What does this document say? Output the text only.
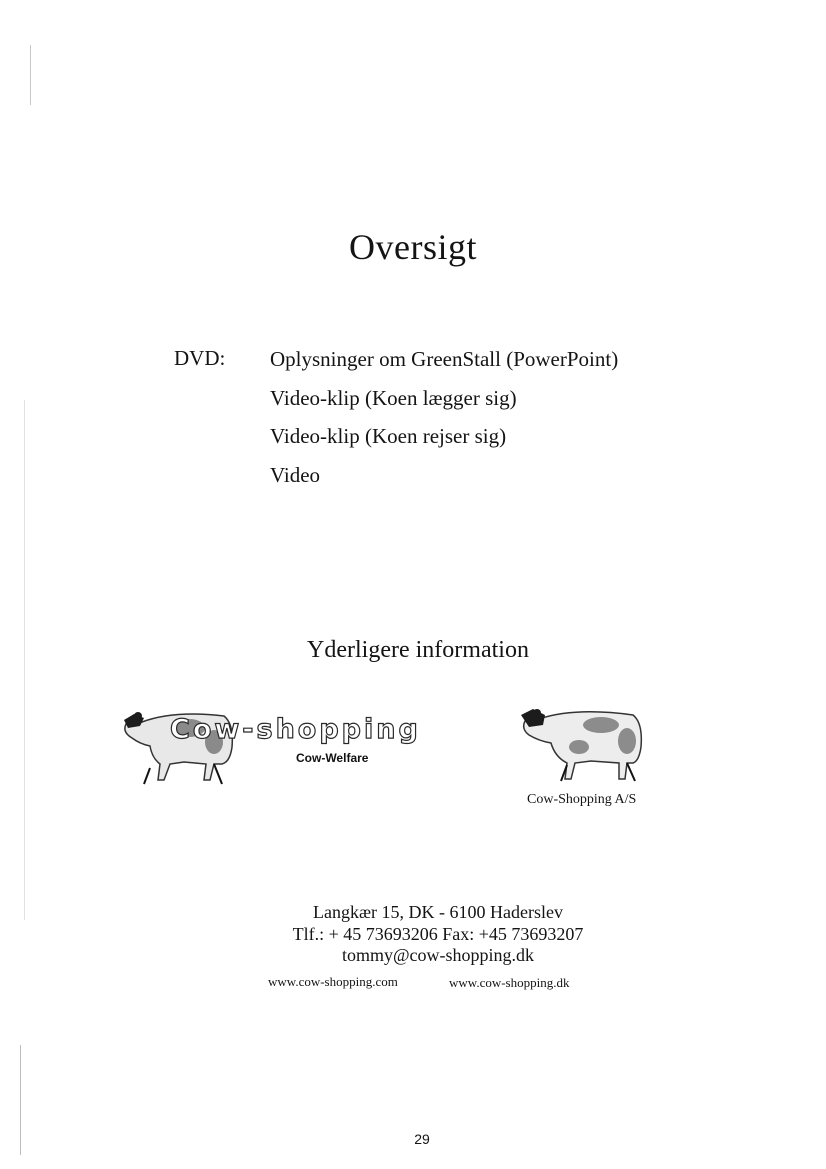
Oversigt
DVD: Oplysninger om GreenStall (PowerPoint)
Video-klip (Koen lægger sig)
Video-klip (Koen rejser sig)
Video
Yderligere information
Cow-shopping
Cow-Welfare
Cow-Shopping A/S
Langkær 15, DK - 6100 Haderslev
Tlf.: + 45 73693206 Fax: +45 73693207
tommy@cow-shopping.dk
www.cow-shopping.com	www.cow-shopping.dk
29
